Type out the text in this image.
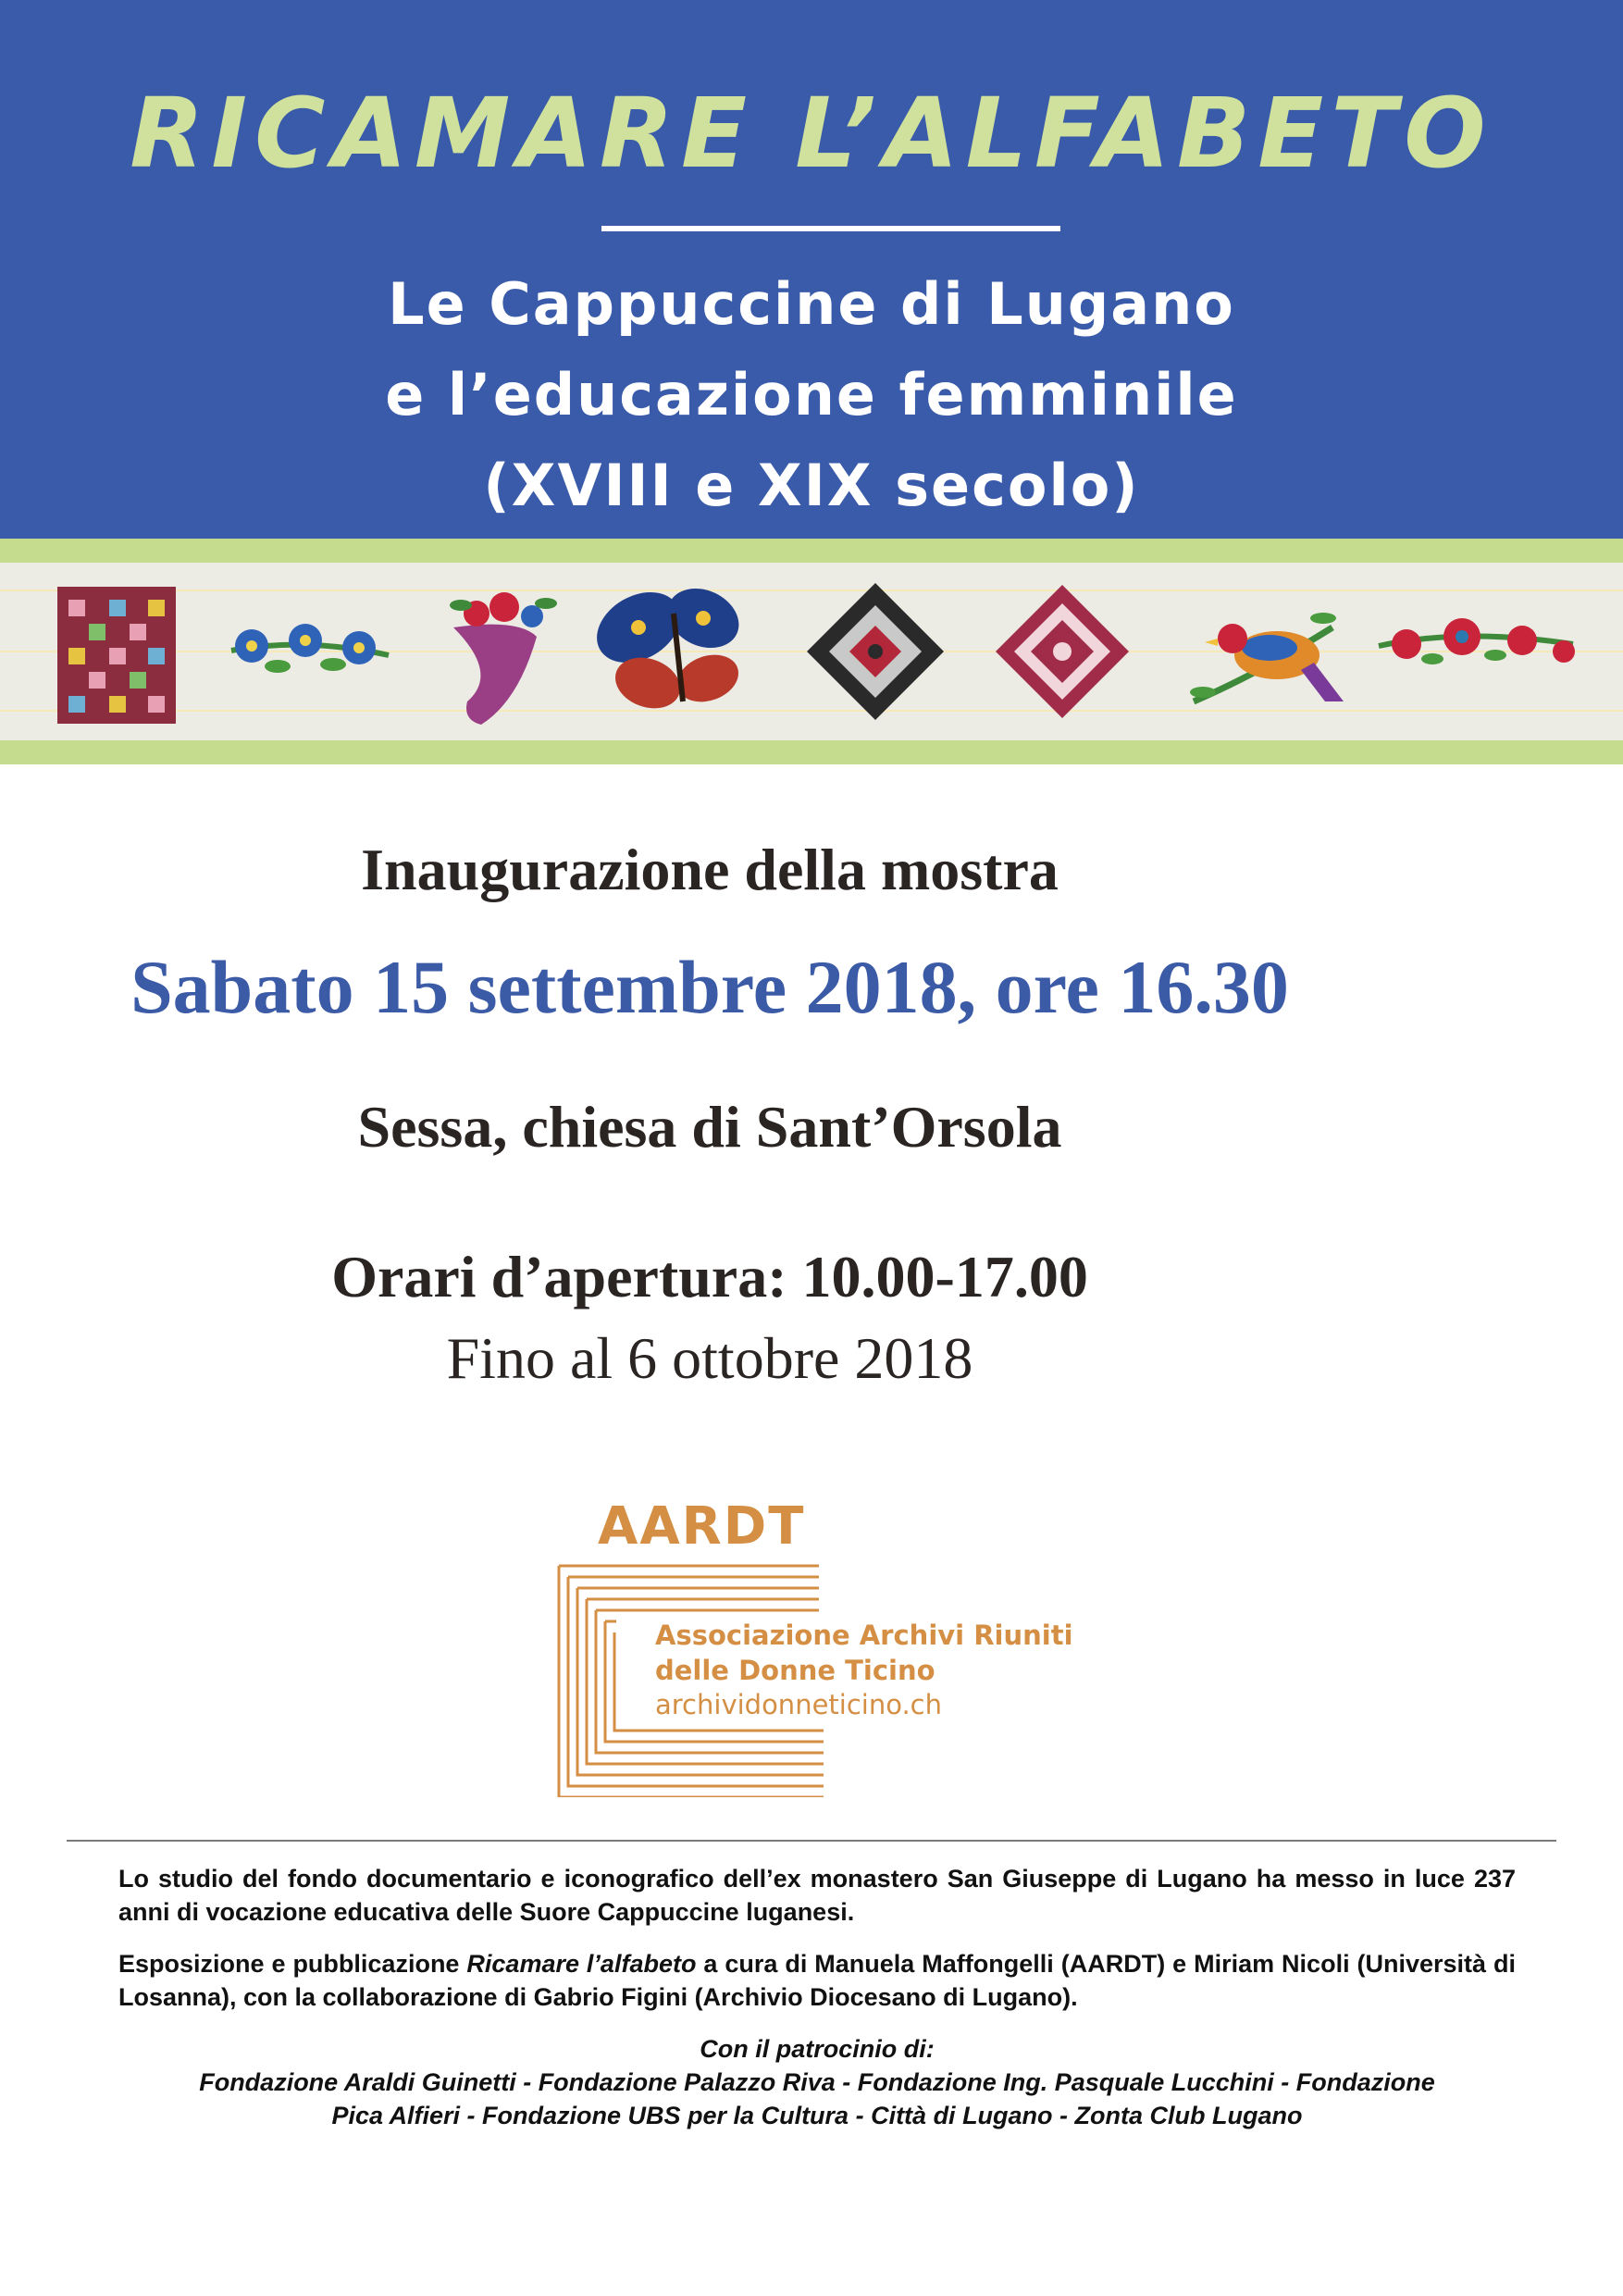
RICAMARE L’ALFABETO
Le Cappuccine di Lugano
e l’educazione femminile
(XVIII e XIX secolo)
Inaugurazione della mostra
Sabato 15 settembre 2018, ore 16.30
Sessa, chiesa di Sant’Orsola
Orari d’apertura: 10.00-17.00
Fino al 6 ottobre 2018
AARDT
Associazione Archivi Riuniti
delle Donne Ticino
archividonneticino.ch
Lo studio del fondo documentario e iconografico dell’ex monastero San Giuseppe di Lugano ha messo in luce 237 anni di vocazione educativa delle Suore Cappuccine luganesi.
Esposizione e pubblicazione Ricamare l’alfabeto a cura di Manuela Maffongelli (AARDT) e Miriam Nicoli (Università di Losanna), con la collaborazione di Gabrio Figini (Archivio Diocesano di Lugano).
Con il patrocinio di:
Fondazione Araldi Guinetti - Fondazione Palazzo Riva - Fondazione Ing. Pasquale Lucchini - Fondazione
Pica Alfieri - Fondazione UBS per la Cultura - Città di Lugano - Zonta Club Lugano
